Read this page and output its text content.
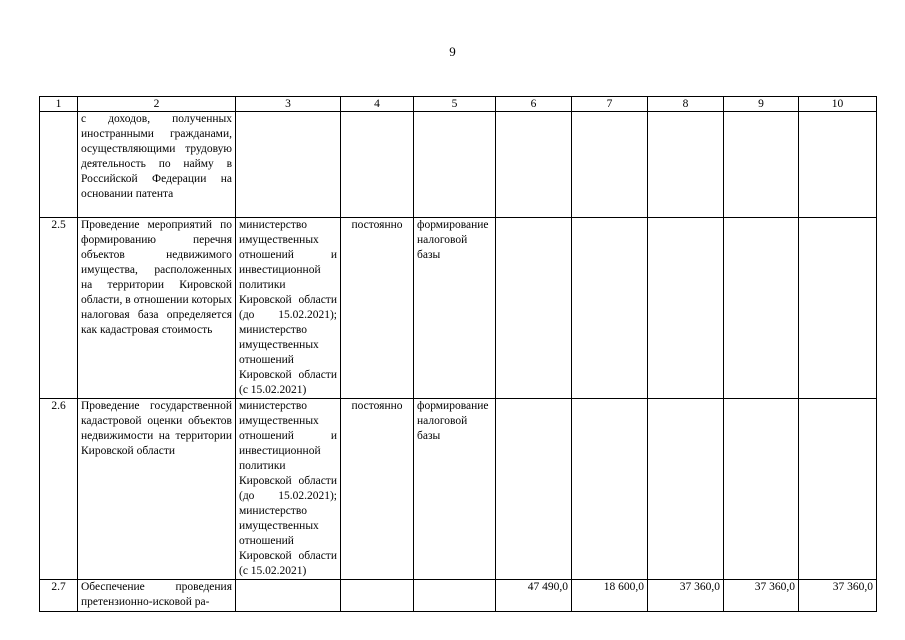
9
1	2	3	4	5	6	7	8	9	10
	с доходов, полученных иностранными гражданами, осуществляющими трудовую деятельность по найму в Российской Федерации на основании патента								
2.5	Проведение мероприятий по формированию перечня объектов недвижимого имущества, расположенных на территории Кировской области, в отношении которых налоговая база определяется как кадастровая стоимость	министерство имущественных отношений и инвестиционной политики Кировской области (до 15.02.2021); министерство имущественных отношений Кировской области (с 15.02.2021)	постоянно	формирование налоговой базы					
2.6	Проведение государственной кадастровой оценки объектов недвижимости на территории Кировской области	министерство имущественных отношений и инвестиционной политики Кировской области (до 15.02.2021); министерство имущественных отношений Кировской области (с 15.02.2021)	постоянно	формирование налоговой базы					
2.7	Обеспечение проведения претензионно-исковой ра-				47 490,0	18 600,0	37 360,0	37 360,0	37 360,0
